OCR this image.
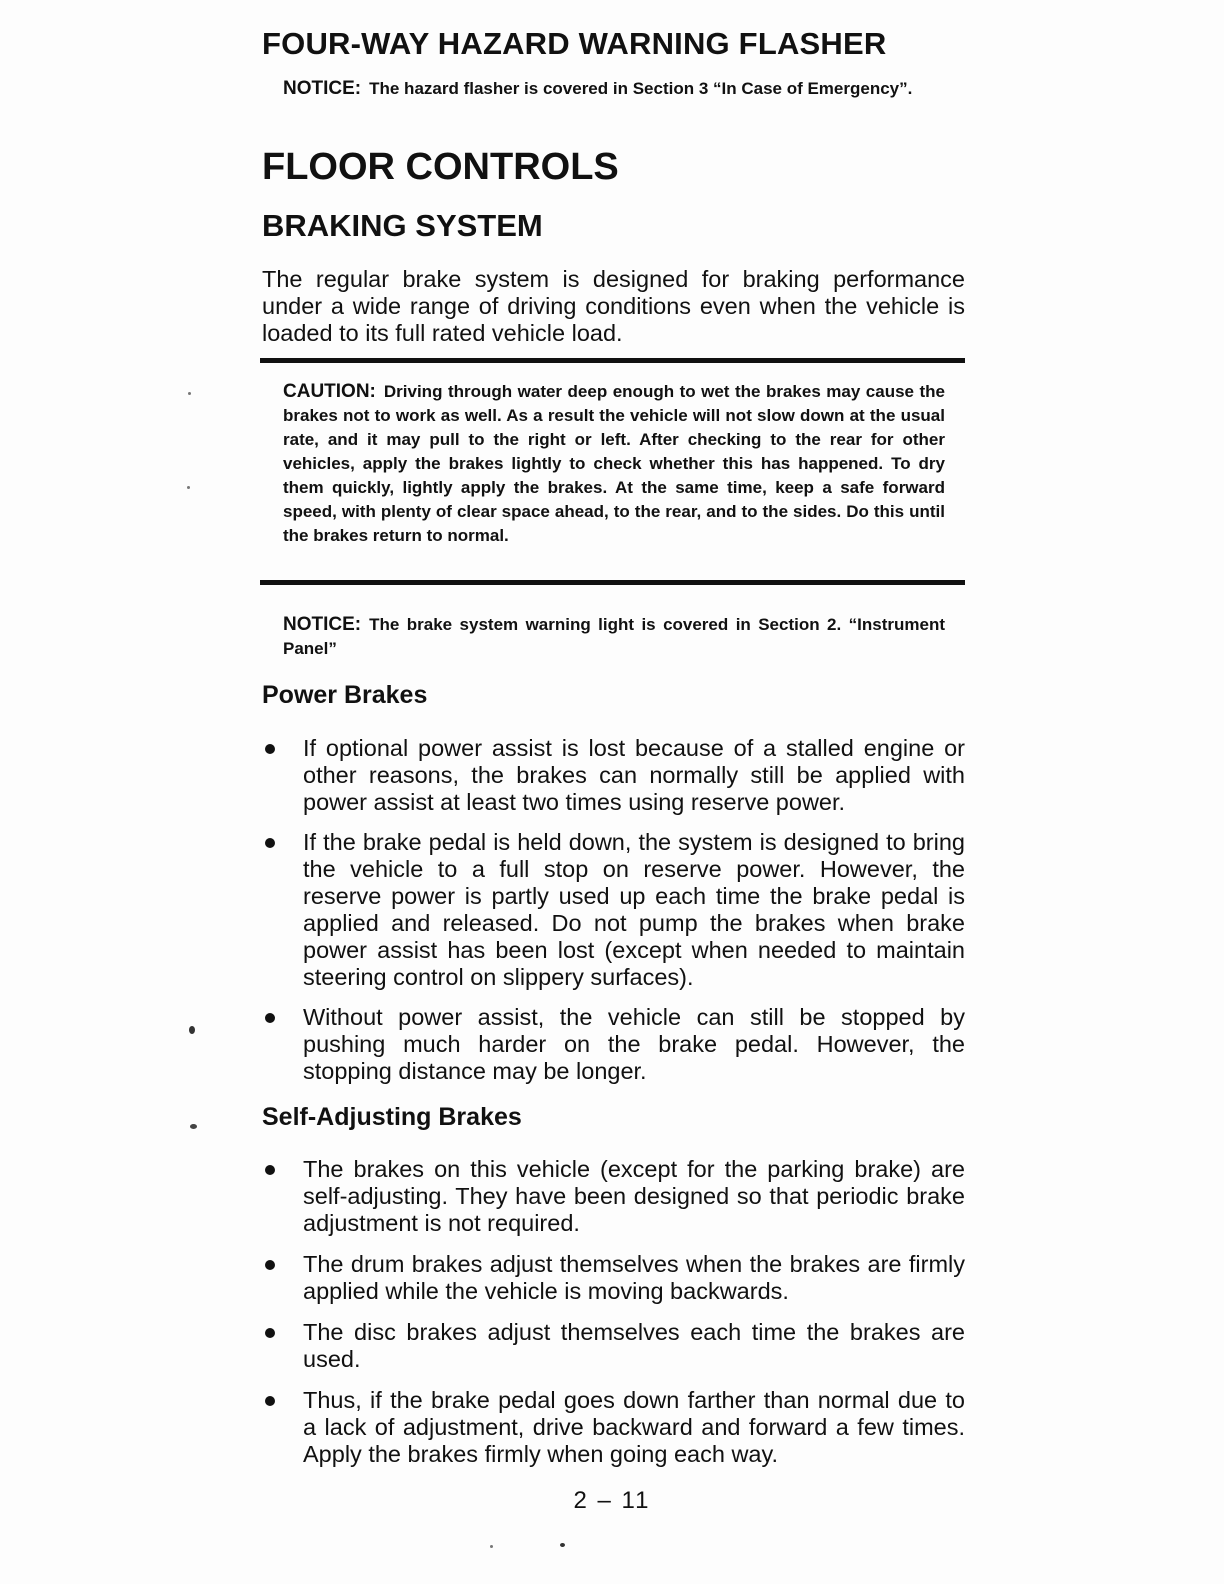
FOUR-WAY HAZARD WARNING FLASHER
NOTICE: The hazard flasher is covered in Section 3 “In Case of Emergency”.
FLOOR CONTROLS
BRAKING SYSTEM
The regular brake system is designed for braking performance under a wide range of driving conditions even when the vehicle is loaded to its full rated vehicle load.
CAUTION: Driving through water deep enough to wet the brakes may cause the brakes not to work as well. As a result the vehicle will not slow down at the usual rate, and it may pull to the right or left. After checking to the rear for other vehicles, apply the brakes lightly to check whether this has happened. To dry them quickly, lightly apply the brakes. At the same time, keep a safe forward speed, with plenty of clear space ahead, to the rear, and to the sides. Do this until the brakes return to normal.
NOTICE: The brake system warning light is covered in Section 2. “Instrument Panel”
Power Brakes
If optional power assist is lost because of a stalled engine or other reasons, the brakes can normally still be applied with power assist at least two times using reserve power.
If the brake pedal is held down, the system is designed to bring the vehicle to a full stop on reserve power. However, the reserve power is partly used up each time the brake pedal is applied and released. Do not pump the brakes when brake power assist has been lost (except when needed to maintain steering control on slippery surfaces).
Without power assist, the vehicle can still be stopped by pushing much harder on the brake pedal. However, the stopping distance may be longer.
Self-Adjusting Brakes
The brakes on this vehicle (except for the parking brake) are self-adjusting. They have been designed so that periodic brake adjustment is not required.
The drum brakes adjust themselves when the brakes are firmly applied while the vehicle is moving backwards.
The disc brakes adjust themselves each time the brakes are used.
Thus, if the brake pedal goes down farther than normal due to a lack of adjustment, drive backward and forward a few times. Apply the brakes firmly when going each way.
2 – 11
